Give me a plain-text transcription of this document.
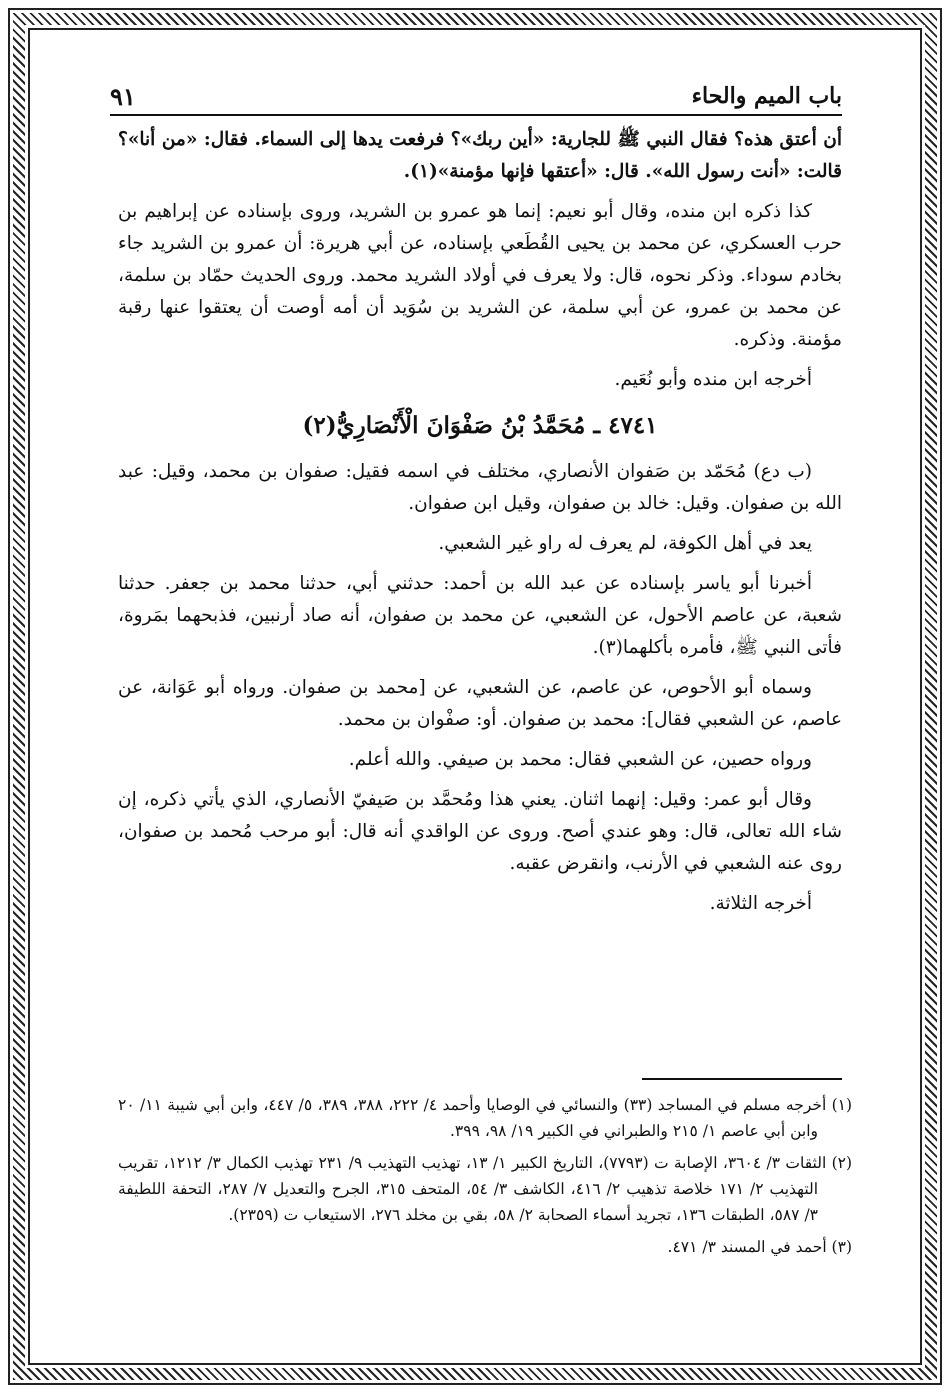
باب الميم والحاء
٩١

أن أعتق هذه؟ فقال النبي ﷺ للجارية: «أين ربك»؟ فرفعت يدها إلى السماء. فقال: «من أنا»؟ قالت: «أنت رسول الله». قال: «أعتقها فإنها مؤمنة»(١).

كذا ذكره ابن منده، وقال أبو نعيم: إنما هو عمرو بن الشريد، وروى بإسناده عن إبراهيم بن حرب العسكري، عن محمد بن يحيى القُطَعي بإسناده، عن أبي هريرة: أن عمرو بن الشريد جاء بخادم سوداء. وذكر نحوه، قال: ولا يعرف في أولاد الشريد محمد. وروى الحديث حمّاد بن سلمة، عن محمد بن عمرو، عن أبي سلمة، عن الشريد بن سُوَيد أن أمه أوصت أن يعتقوا عنها رقبة مؤمنة. وذكره.

أخرجه ابن منده وأبو نُعَيم.

٤٧٤١ ـ مُحَمَّدُ بْنُ صَفْوَانَ الْأَنْصَارِيُّ(٢)

(ب دع) مُحَمّد بن صَفوان الأنصاري، مختلف في اسمه فقيل: صفوان بن محمد، وقيل: عبد الله بن صفوان. وقيل: خالد بن صفوان، وقيل ابن صفوان.

يعد في أهل الكوفة، لم يعرف له راو غير الشعبي.

أخبرنا أبو ياسر بإسناده عن عبد الله بن أحمد: حدثني أبي، حدثنا محمد بن جعفر. حدثنا شعبة، عن عاصم الأحول، عن الشعبي، عن محمد بن صفوان، أنه صاد أرنبين، فذبحهما بمَروة، فأتى النبي ﷺ، فأمره بأكلهما(٣).

وسماه أبو الأحوص، عن عاصم، عن الشعبي، عن [محمد بن صفوان. ورواه أبو عَوَانة، عن عاصم، عن الشعبي فقال]: محمد بن صفوان. أو: صفْوان بن محمد.

ورواه حصين، عن الشعبي فقال: محمد بن صيفي. والله أعلم.

وقال أبو عمر: وقيل: إنهما اثنان. يعني هذا ومُحمَّد بن صَيفيّ الأنصاري، الذي يأتي ذكره، إن شاء الله تعالى، قال: وهو عندي أصح. وروى عن الواقدي أنه قال: أبو مرحب مُحمد بن صفوان، روى عنه الشعبي في الأرنب، وانقرض عقبه.

أخرجه الثلاثة.

(١) أخرجه مسلم في المساجد (٣٣) والنسائي في الوصايا وأحمد ٤/ ٢٢٢، ٣٨٨، ٣٨٩، ٥/ ٤٤٧، وابن أبي شيبة ١١/ ٢٠ وابن أبي عاصم ١/ ٢١٥ والطبراني في الكبير ١٩/ ٩٨، ٣٩٩.

(٢) الثقات ٣/ ٣٦٠٤، الإصابة ت (٧٧٩٣)، التاريخ الكبير ١/ ١٣، تهذيب التهذيب ٩/ ٢٣١ تهذيب الكمال ٣/ ١٢١٢، تقريب التهذيب ٢/ ١٧١ خلاصة تذهيب ٢/ ٤١٦، الكاشف ٣/ ٥٤، المتحف ٣١٥، الجرح والتعديل ٧/ ٢٨٧، التحفة اللطيفة ٣/ ٥٨٧، الطبقات ١٣٦، تجريد أسماء الصحابة ٢/ ٥٨، بقي بن مخلد ٢٧٦، الاستيعاب ت (٢٣٥٩).

(٣) أحمد في المسند ٣/ ٤٧١.
